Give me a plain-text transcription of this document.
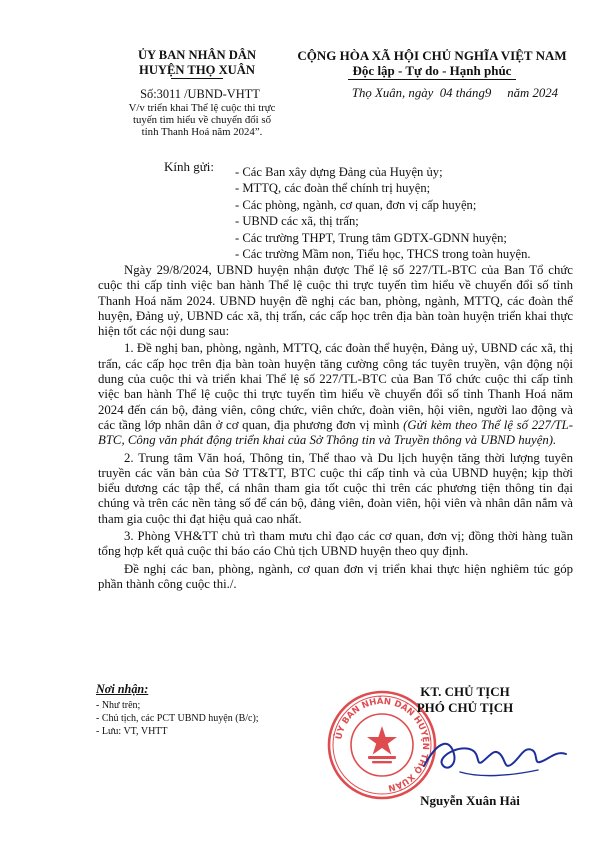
ỦY BAN NHÂN DÂN
HUYỆN THỌ XUÂN
CỘNG HÒA XÃ HỘI CHỦ NGHĨA VIỆT NAM
Độc lập - Tự do - Hạnh phúc
Số:3011 /UBND-VHTT
V/v triển khai Thể lệ cuộc thi trực
tuyến tìm hiểu về chuyển đổi số
tỉnh Thanh Hoá năm 2024”.
Thọ Xuân, ngày  04 tháng9     năm 2024
Kính gửi: - Các Ban xây dựng Đảng của Huyện ủy;
- MTTQ, các đoàn thể chính trị huyện;
- Các phòng, ngành, cơ quan, đơn vị cấp huyện;
- UBND các xã, thị trấn;
- Các trường THPT, Trung tâm GDTX-GDNN huyện;
- Các trường Mầm non, Tiểu học, THCS trong toàn huyện.

Ngày 29/8/2024, UBND huyện nhận được Thể lệ số 227/TL-BTC của Ban Tổ chức cuộc thi cấp tỉnh việc ban hành Thể lệ cuộc thi trực tuyến tìm hiểu về chuyển đổi số tỉnh Thanh Hoá năm 2024. UBND huyện đề nghị các ban, phòng, ngành, MTTQ, các đoàn thể huyện, Đảng uỷ, UBND các xã, thị trấn, các cấp học trên địa bàn toàn huyện triển khai thực hiện tốt các nội dung sau:

1. Đề nghị ban, phòng, ngành, MTTQ, các đoàn thể huyện, Đảng uỷ, UBND các xã, thị trấn, các cấp học trên địa bàn toàn huyện tăng cường công tác tuyên truyền, vận động nội dung của cuộc thi và triển khai Thể lệ số 227/TL-BTC của Ban Tổ chức cuộc thi cấp tỉnh việc ban hành Thể lệ cuộc thi trực tuyến tìm hiểu về chuyển đổi số tỉnh Thanh Hoá năm 2024 đến cán bộ, đảng viên, công chức, viên chức, đoàn viên, hội viên, người lao động và các tầng lớp nhân dân ở cơ quan, địa phương đơn vị mình (Gửi kèm theo Thể lệ số 227/TL-BTC, Công văn phát động triển khai của Sở Thông tin và Truyền thông và UBND huyện).

2. Trung tâm Văn hoá, Thông tin, Thể thao và Du lịch huyện tăng thời lượng tuyên truyền các văn bản của Sở TT&TT, BTC cuộc thi cấp tỉnh và của UBND huyện; kịp thời biểu dương các tập thể, cá nhân tham gia tốt cuộc thi trên các phương tiện thông tin đại chúng và trên các nền tảng số để cán bộ, đảng viên, đoàn viên, hội viên và nhân dân nắm và tham gia cuộc thi đạt hiệu quả cao nhất.

3. Phòng VH&TT chủ trì tham mưu chỉ đạo các cơ quan, đơn vị; đồng thời hàng tuần tổng hợp kết quả cuộc thi báo cáo Chủ tịch UBND huyện theo quy định.

Đề nghị các ban, phòng, ngành, cơ quan đơn vị triển khai thực hiện nghiêm túc góp phần thành công cuộc thi./.

Nơi nhận:
- Như trên;
- Chủ tịch, các PCT UBND huyện (B/c);
- Lưu: VT, VHTT	ỦY BAN NHÂN DÂN HUYỆN THỌ XUÂN
KT. CHỦ TỊCH
PHÓ CHỦ TỊCH
Nguyễn Xuân Hải
